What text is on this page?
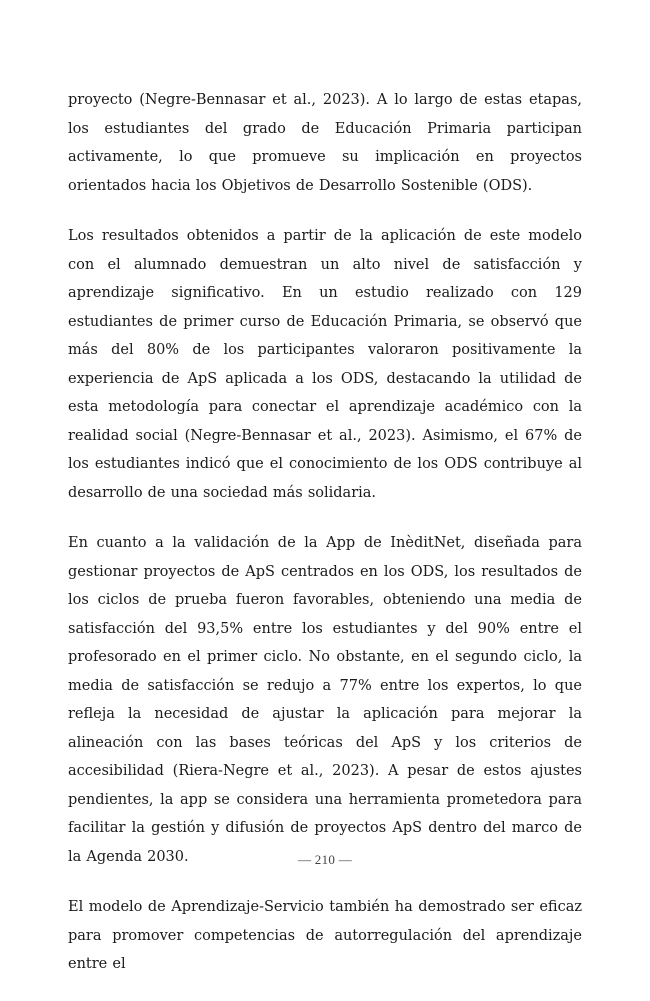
proyecto (Negre-Bennasar et al., 2023). A lo largo de estas etapas, los estudiantes del grado de Educación Primaria participan activamente, lo que promueve su implicación en proyectos orientados hacia los Objetivos de Desarrollo Sostenible (ODS).

Los resultados obtenidos a partir de la aplicación de este modelo con el alumnado demuestran un alto nivel de satisfacción y aprendizaje significativo. En un estudio realizado con 129 estudiantes de primer curso de Educación Primaria, se observó que más del 80% de los participantes valoraron positivamente la experiencia de ApS aplicada a los ODS, destacando la utilidad de esta metodología para conectar el aprendizaje académico con la realidad social (Negre-Bennasar et al., 2023). Asimismo, el 67% de los estudiantes indicó que el conocimiento de los ODS contribuye al desarrollo de una sociedad más solidaria.

En cuanto a la validación de la App de InèditNet, diseñada para gestionar proyectos de ApS centrados en los ODS, los resultados de los ciclos de prueba fueron favorables, obteniendo una media de satisfacción del 93,5% entre los estudiantes y del 90% entre el profesorado en el primer ciclo. No obstante, en el segundo ciclo, la media de satisfacción se redujo a 77% entre los expertos, lo que refleja la necesidad de ajustar la aplicación para mejorar la alineación con las bases teóricas del ApS y los criterios de accesibilidad (Riera-Negre et al., 2023). A pesar de estos ajustes pendientes, la app se considera una herramienta prometedora para facilitar la gestión y difusión de proyectos ApS dentro del marco de la Agenda 2030.

El modelo de Aprendizaje-Servicio también ha demostrado ser eficaz para promover competencias de autorregulación del aprendizaje entre el

— 210 —
